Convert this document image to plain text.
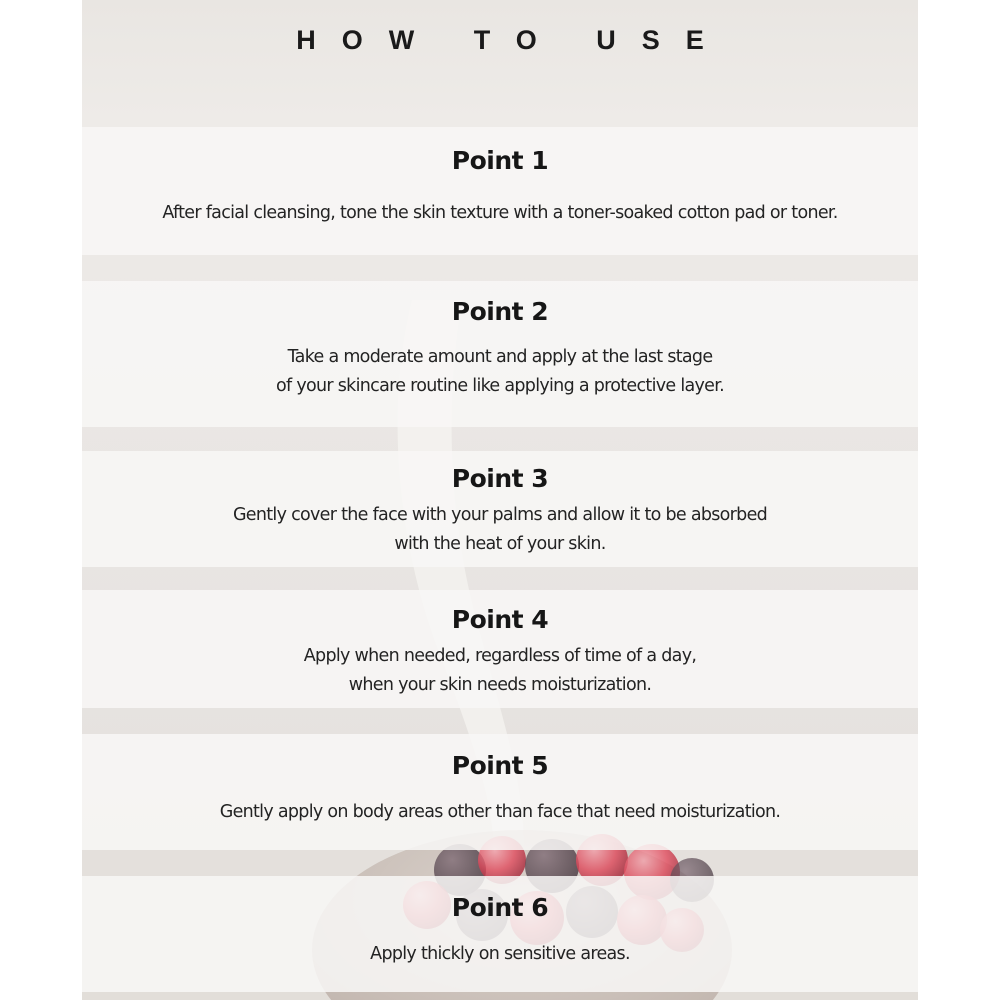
HOW TO USE
Point 1
After facial cleansing, tone the skin texture with a toner-soaked cotton pad or toner.
Point 2
Take a moderate amount and apply at the last stage
of your skincare routine like applying a protective layer.
Point 3
Gently cover the face with your palms and allow it to be absorbed
with the heat of your skin.
Point 4
Apply when needed, regardless of time of a day,
when your skin needs moisturization.
Point 5
Gently apply on body areas other than face that need moisturization.
Point 6
Apply thickly on sensitive areas.
